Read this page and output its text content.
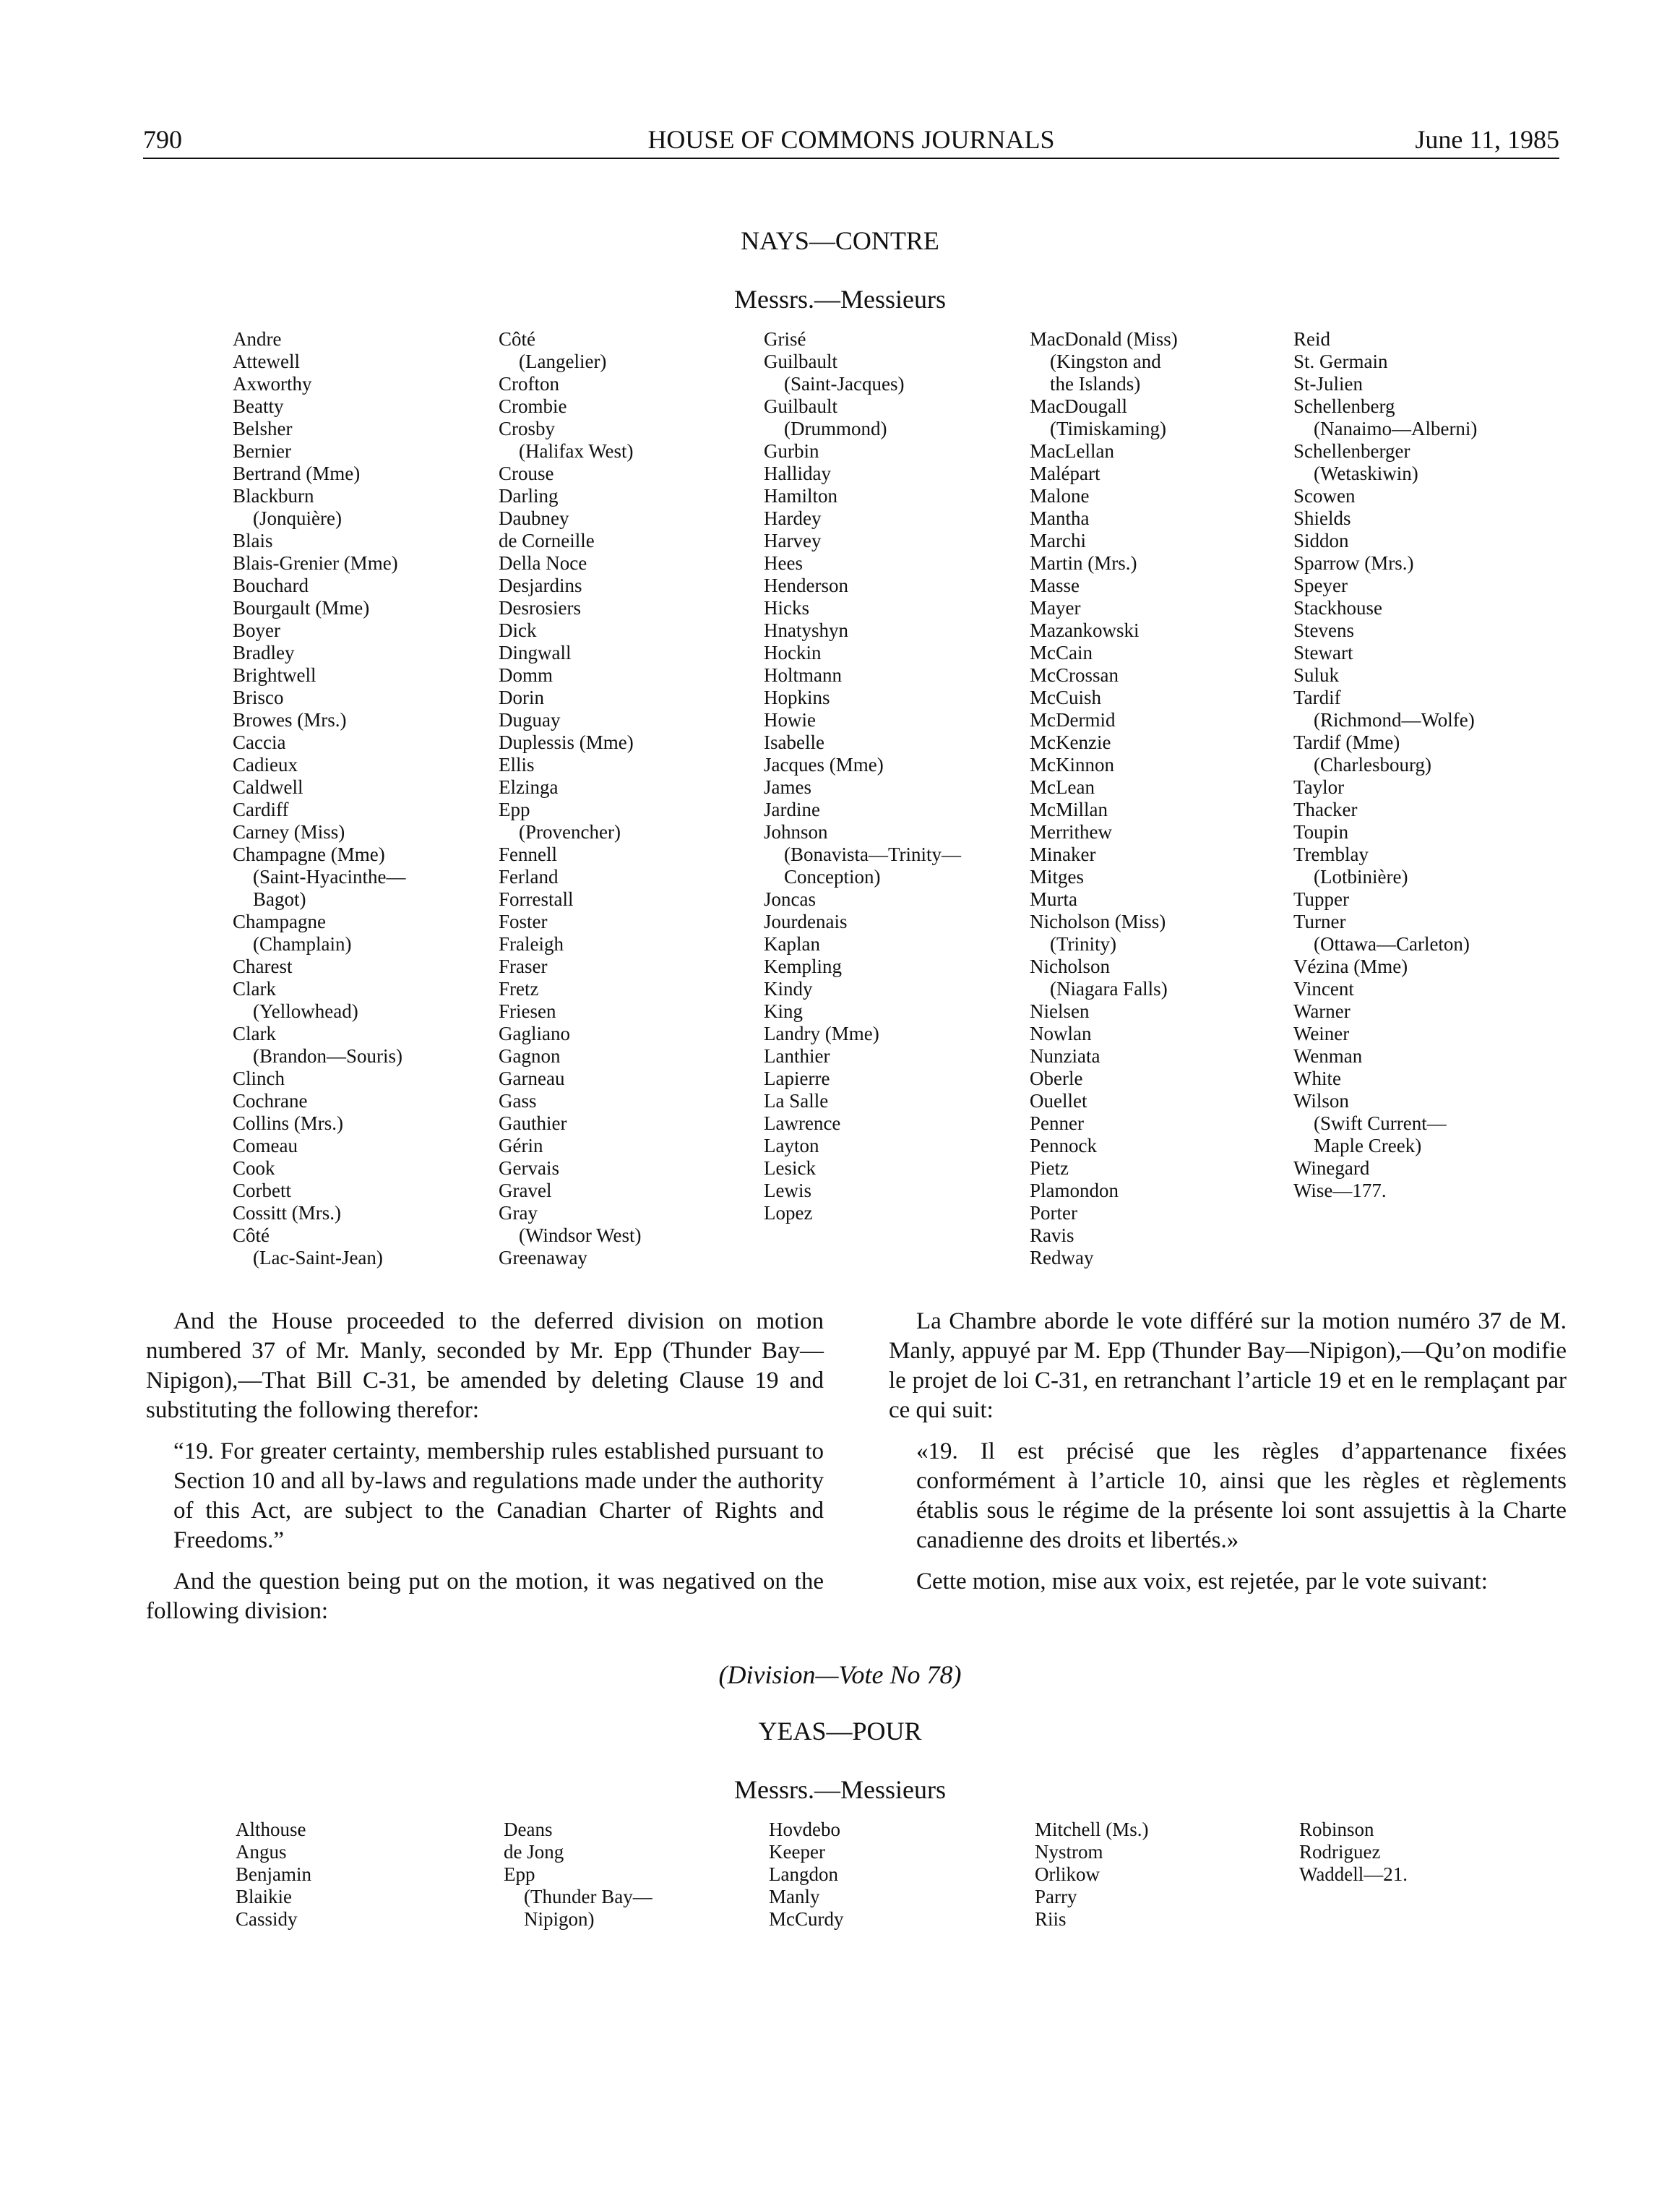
790	HOUSE OF COMMONS JOURNALS	June 11, 1985
NAYS—CONTRE
Messrs.—Messieurs
Andre
Attewell
Axworthy
Beatty
Belsher
Bernier
Bertrand (Mme)
Blackburn
(Jonquière)
Blais
Blais-Grenier (Mme)
Bouchard
Bourgault (Mme)
Boyer
Bradley
Brightwell
Brisco
Browes (Mrs.)
Caccia
Cadieux
Caldwell
Cardiff
Carney (Miss)
Champagne (Mme)
(Saint-Hyacinthe—
Bagot)
Champagne
(Champlain)
Charest
Clark
(Yellowhead)
Clark
(Brandon—Souris)
Clinch
Cochrane
Collins (Mrs.)
Comeau
Cook
Corbett
Cossitt (Mrs.)
Côté
(Lac-Saint-Jean)
Côté
(Langelier)
Crofton
Crombie
Crosby
(Halifax West)
Crouse
Darling
Daubney
de Corneille
Della Noce
Desjardins
Desrosiers
Dick
Dingwall
Domm
Dorin
Duguay
Duplessis (Mme)
Ellis
Elzinga
Epp
(Provencher)
Fennell
Ferland
Forrestall
Foster
Fraleigh
Fraser
Fretz
Friesen
Gagliano
Gagnon
Garneau
Gass
Gauthier
Gérin
Gervais
Gravel
Gray
(Windsor West)
Greenaway
Grisé
Guilbault
(Saint-Jacques)
Guilbault
(Drummond)
Gurbin
Halliday
Hamilton
Hardey
Harvey
Hees
Henderson
Hicks
Hnatyshyn
Hockin
Holtmann
Hopkins
Howie
Isabelle
Jacques (Mme)
James
Jardine
Johnson
(Bonavista—Trinity—
Conception)
Joncas
Jourdenais
Kaplan
Kempling
Kindy
King
Landry (Mme)
Lanthier
Lapierre
La Salle
Lawrence
Layton
Lesick
Lewis
Lopez
MacDonald (Miss)
(Kingston and
the Islands)
MacDougall
(Timiskaming)
MacLellan
Malépart
Malone
Mantha
Marchi
Martin (Mrs.)
Masse
Mayer
Mazankowski
McCain
McCrossan
McCuish
McDermid
McKenzie
McKinnon
McLean
McMillan
Merrithew
Minaker
Mitges
Murta
Nicholson (Miss)
(Trinity)
Nicholson
(Niagara Falls)
Nielsen
Nowlan
Nunziata
Oberle
Ouellet
Penner
Pennock
Pietz
Plamondon
Porter
Ravis
Redway
Reid
St. Germain
St-Julien
Schellenberg
(Nanaimo—Alberni)
Schellenberger
(Wetaskiwin)
Scowen
Shields
Siddon
Sparrow (Mrs.)
Speyer
Stackhouse
Stevens
Stewart
Suluk
Tardif
(Richmond—Wolfe)
Tardif (Mme)
(Charlesbourg)
Taylor
Thacker
Toupin
Tremblay
(Lotbinière)
Tupper
Turner
(Ottawa—Carleton)
Vézina (Mme)
Vincent
Warner
Weiner
Wenman
White
Wilson
(Swift Current—
Maple Creek)
Winegard
Wise—177.

And the House proceeded to the deferred division on motion numbered 37 of Mr. Manly, seconded by Mr. Epp (Thunder Bay—Nipigon),—That Bill C-31, be amended by deleting Clause 19 and substituting the following therefor:

“19. For greater certainty, membership rules established pursuant to Section 10 and all by-laws and regulations made under the authority of this Act, are subject to the Canadian Charter of Rights and Freedoms.”

And the question being put on the motion, it was negatived on the following division:

La Chambre aborde le vote différé sur la motion numéro 37 de M. Manly, appuyé par M. Epp (Thunder Bay—Nipigon),—Qu’on modifie le projet de loi C-31, en retranchant l’article 19 et en le remplaçant par ce qui suit:

«19. Il est précisé que les règles d’appartenance fixées conformément à l’article 10, ainsi que les règles et règlements établis sous le régime de la présente loi sont assujettis à la Charte canadienne des droits et libertés.»

Cette motion, mise aux voix, est rejetée, par le vote suivant:

(Division—Vote No 78)
YEAS—POUR
Messrs.—Messieurs
Althouse
Angus
Benjamin
Blaikie
Cassidy
Deans
de Jong
Epp
(Thunder Bay—
Nipigon)
Hovdebo
Keeper
Langdon
Manly
McCurdy
Mitchell (Ms.)
Nystrom
Orlikow
Parry
Riis
Robinson
Rodriguez
Waddell—21.
